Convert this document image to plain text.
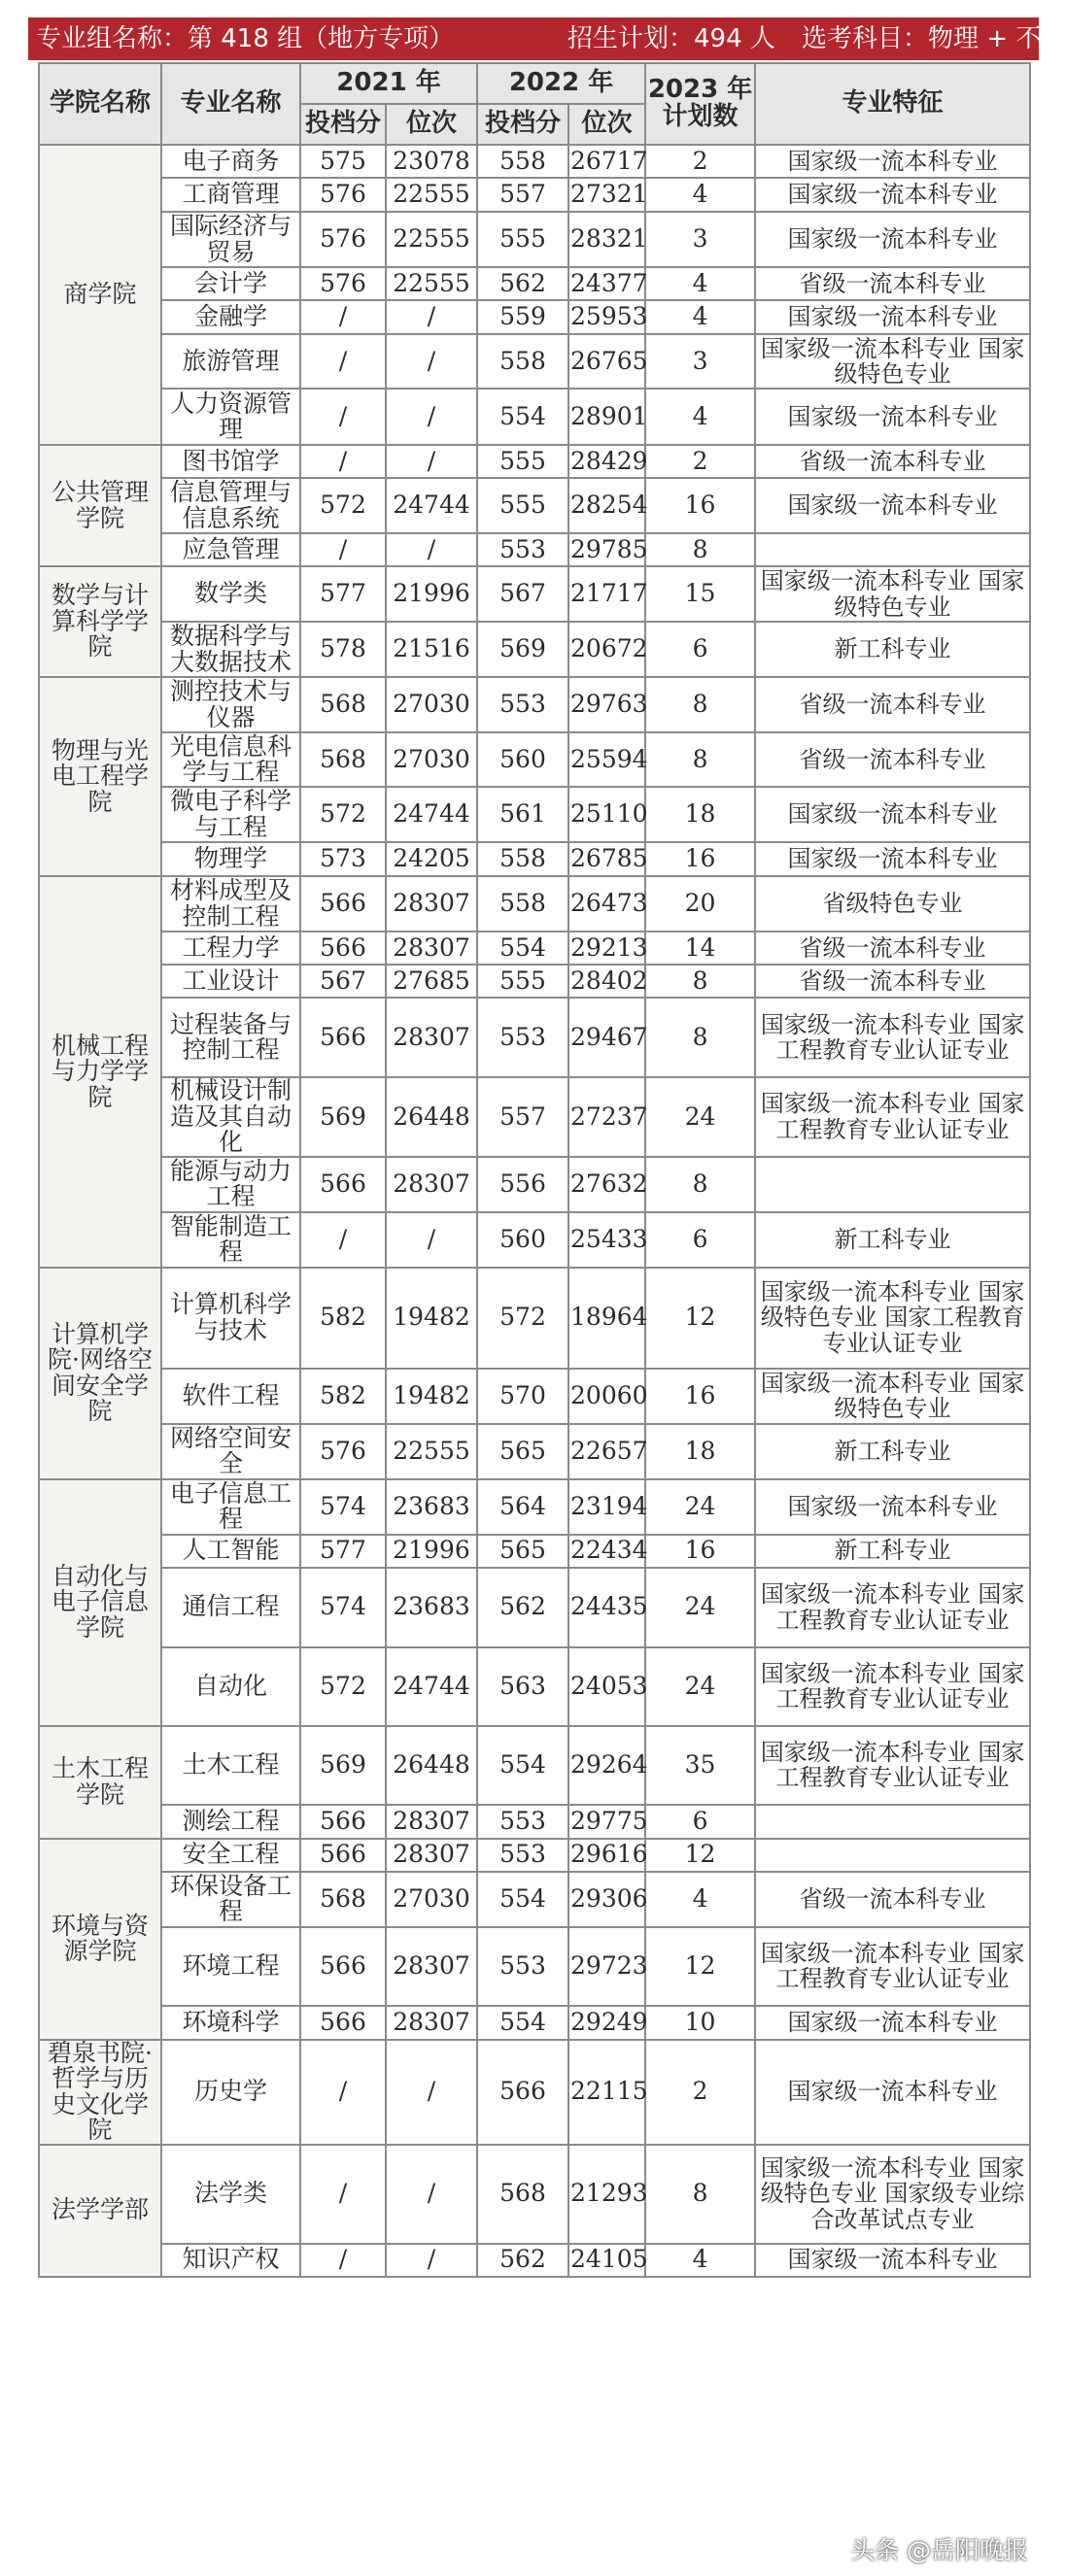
专业组名称：第 418 组（地方专项）	招生计划：494 人 选考科目：物理 + 不限
学院名称	专业名称	2021 年		2022 年		2023 年
计划数	专业特征
		投档分	位次	投档分	位次		
商学院	电子商务	575	23078	558	26717	2	国家级一流本科专业
	工商管理	576	22555	557	27321	4	国家级一流本科专业
	国际经济与贸易	576	22555	555	28321	3	国家级一流本科专业
	会计学	576	22555	562	24377	4	省级一流本科专业
	金融学	/	/	559	25953	4	国家级一流本科专业
	旅游管理	/	/	558	26765	3	国家级一流本科专业 国家级特色专业
	人力资源管理	/	/	554	28901	4	国家级一流本科专业
公共管理学院	图书馆学	/	/	555	28429	2	省级一流本科专业
	信息管理与信息系统	572	24744	555	28254	16	国家级一流本科专业
	应急管理	/	/	553	29785	8	
数学与计算科学学院	数学类	577	21996	567	21717	15	国家级一流本科专业 国家级特色专业
	数据科学与大数据技术	578	21516	569	20672	6	新工科专业
物理与光电工程学院	测控技术与仪器	568	27030	553	29763	8	省级一流本科专业
	光电信息科学与工程	568	27030	560	25594	8	省级一流本科专业
	微电子科学与工程	572	24744	561	25110	18	国家级一流本科专业
	物理学	573	24205	558	26785	16	国家级一流本科专业
机械工程与力学学院	材料成型及控制工程	566	28307	558	26473	20	省级特色专业
	工程力学	566	28307	554	29213	14	省级一流本科专业
	工业设计	567	27685	555	28402	8	省级一流本科专业
	过程装备与控制工程	566	28307	553	29467	8	国家级一流本科专业 国家工程教育专业认证专业
	机械设计制造及其自动化	569	26448	557	27237	24	国家级一流本科专业 国家工程教育专业认证专业
	能源与动力工程	566	28307	556	27632	8	
	智能制造工程	/	/	560	25433	6	新工科专业
计算机学院·网络空间安全学院	计算机科学与技术	582	19482	572	18964	12	国家级一流本科专业 国家级特色专业 国家工程教育专业认证专业
	软件工程	582	19482	570	20060	16	国家级一流本科专业 国家级特色专业
	网络空间安全	576	22555	565	22657	18	新工科专业
自动化与电子信息学院	电子信息工程	574	23683	564	23194	24	国家级一流本科专业
	人工智能	577	21996	565	22434	16	新工科专业
	通信工程	574	23683	562	24435	24	国家级一流本科专业 国家工程教育专业认证专业
	自动化	572	24744	563	24053	24	国家级一流本科专业 国家工程教育专业认证专业
土木工程学院	土木工程	569	26448	554	29264	35	国家级一流本科专业 国家工程教育专业认证专业
	测绘工程	566	28307	553	29775	6	
环境与资源学院	安全工程	566	28307	553	29616	12	
	环保设备工程	568	27030	554	29306	4	省级一流本科专业
	环境工程	566	28307	553	29723	12	国家级一流本科专业 国家工程教育专业认证专业
	环境科学	566	28307	554	29249	10	国家级一流本科专业
碧泉书院·哲学与历史文化学院	历史学	/	/	566	22115	2	国家级一流本科专业
法学学部	法学类	/	/	568	21293	8	国家级一流本科专业 国家级特色专业 国家级专业综合改革试点专业
	知识产权	/	/	562	24105	4	国家级一流本科专业
头条 @岳阳晚报
